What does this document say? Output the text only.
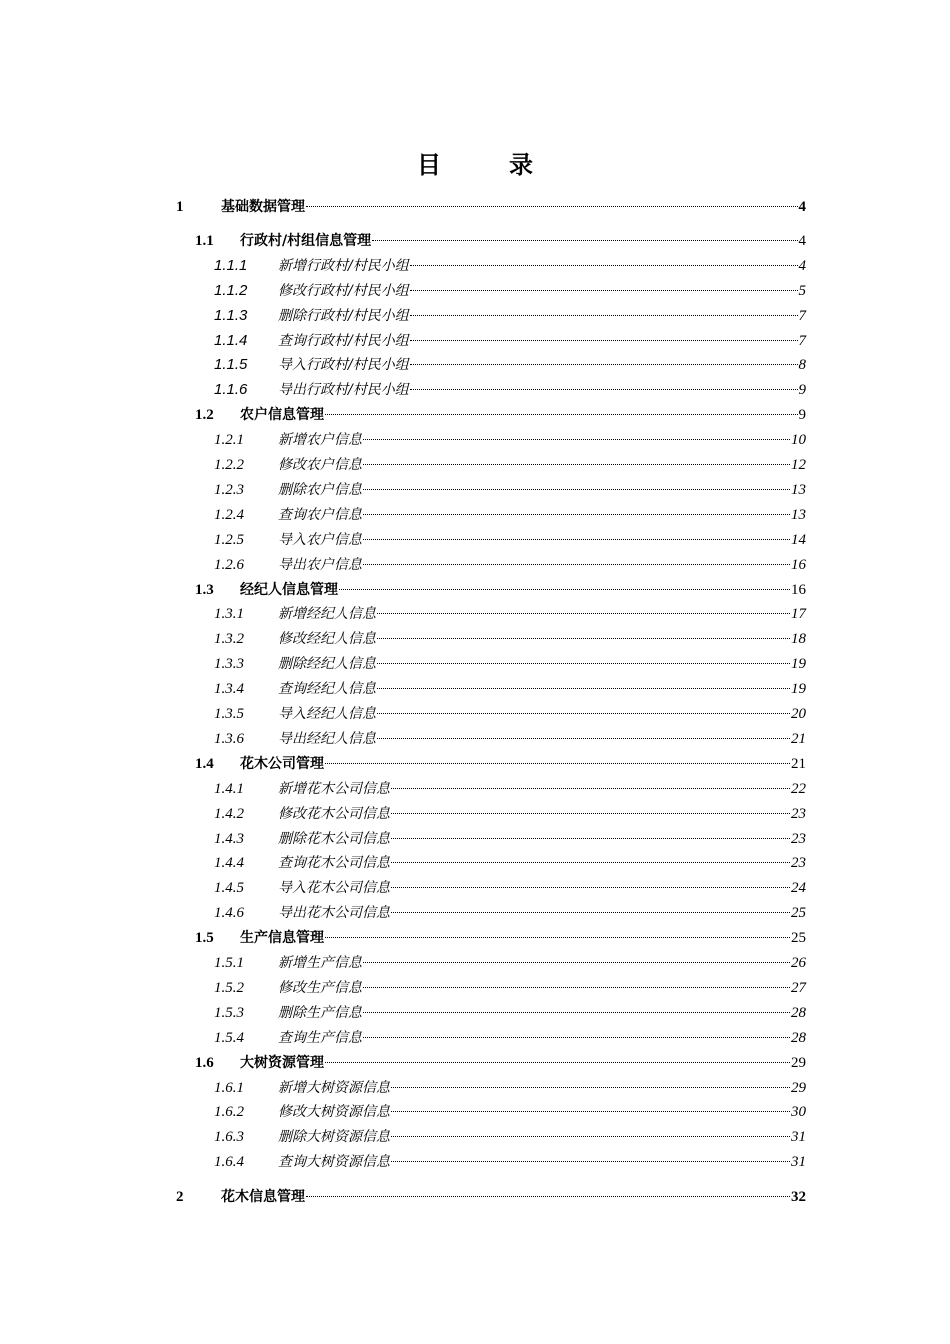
目　录
1	基础数据管理	4
1.1	行政村/村组信息管理	4
1.1.1	新增行政村/村民小组	4
1.1.2	修改行政村/村民小组	5
1.1.3	删除行政村/村民小组	7
1.1.4	查询行政村/村民小组	7
1.1.5	导入行政村/村民小组	8
1.1.6	导出行政村/村民小组	9
1.2	农户信息管理	9
1.2.1	新增农户信息	10
1.2.2	修改农户信息	12
1.2.3	删除农户信息	13
1.2.4	查询农户信息	13
1.2.5	导入农户信息	14
1.2.6	导出农户信息	16
1.3	经纪人信息管理	16
1.3.1	新增经纪人信息	17
1.3.2	修改经纪人信息	18
1.3.3	删除经纪人信息	19
1.3.4	查询经纪人信息	19
1.3.5	导入经纪人信息	20
1.3.6	导出经纪人信息	21
1.4	花木公司管理	21
1.4.1	新增花木公司信息	22
1.4.2	修改花木公司信息	23
1.4.3	删除花木公司信息	23
1.4.4	查询花木公司信息	23
1.4.5	导入花木公司信息	24
1.4.6	导出花木公司信息	25
1.5	生产信息管理	25
1.5.1	新增生产信息	26
1.5.2	修改生产信息	27
1.5.3	删除生产信息	28
1.5.4	查询生产信息	28
1.6	大树资源管理	29
1.6.1	新增大树资源信息	29
1.6.2	修改大树资源信息	30
1.6.3	删除大树资源信息	31
1.6.4	查询大树资源信息	31
2	花木信息管理	32
